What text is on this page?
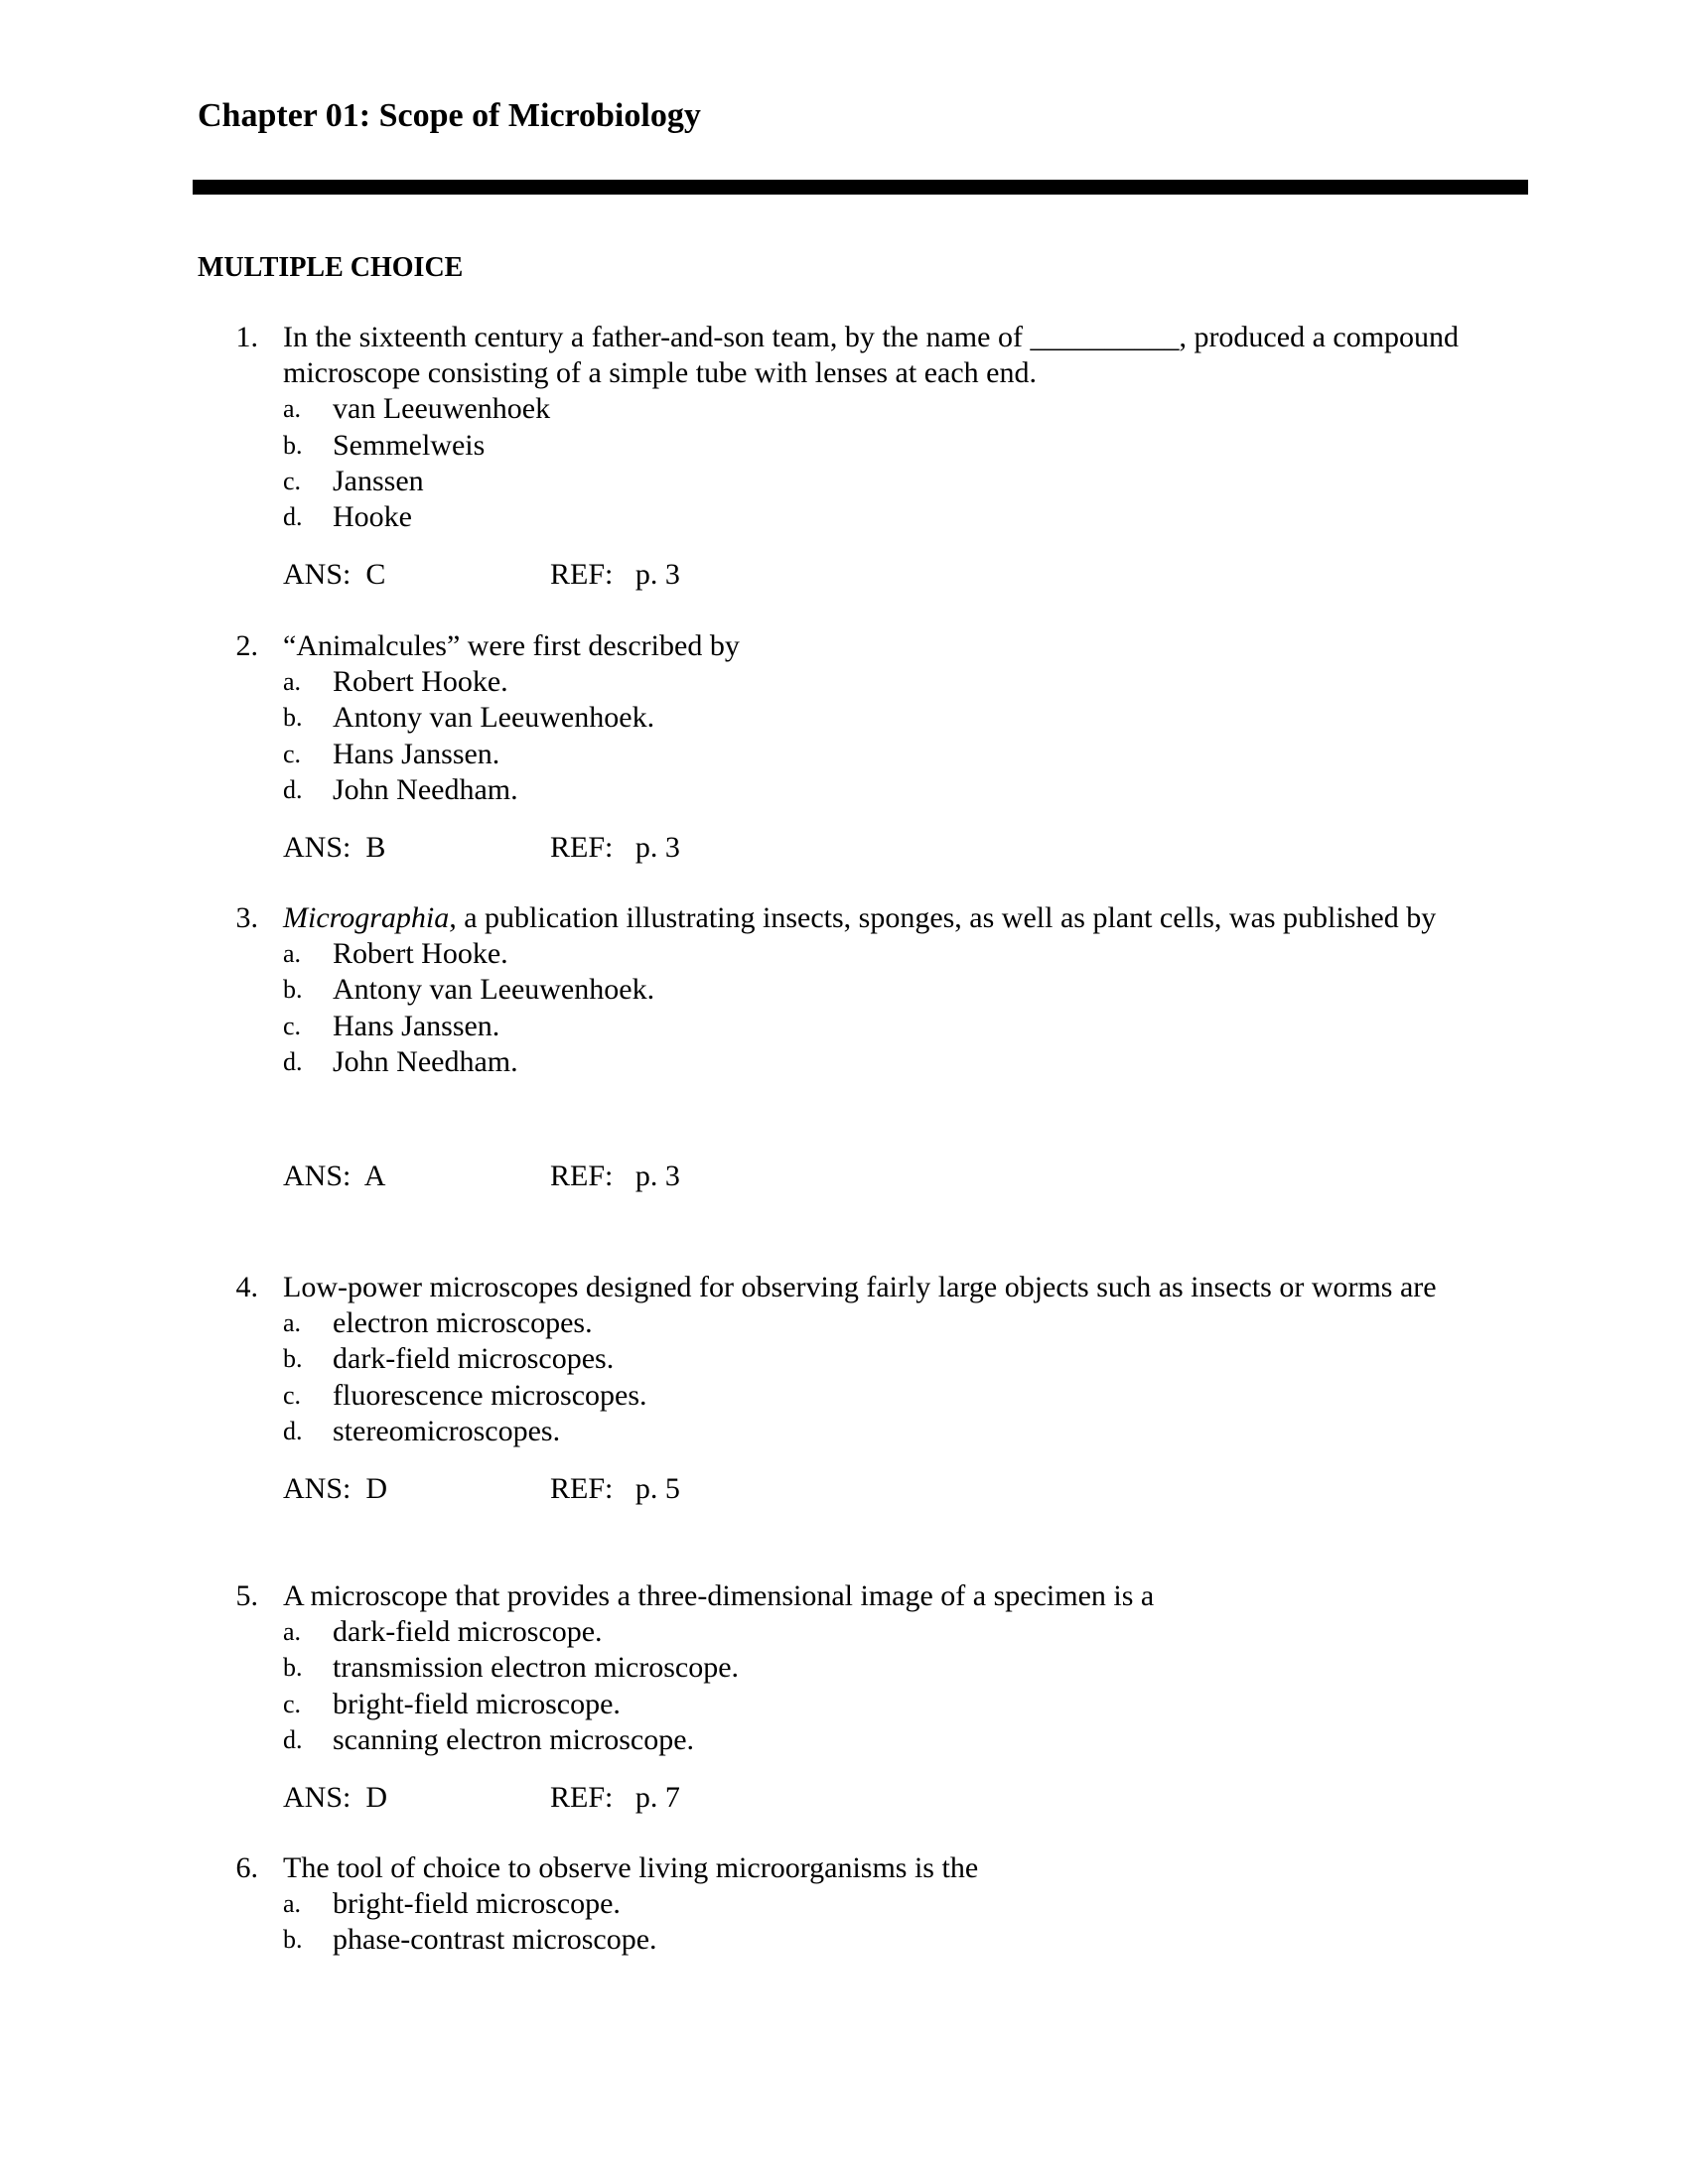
Chapter 01: Scope of Microbiology
MULTIPLE CHOICE
1. In the sixteenth century a father-and-son team, by the name of __________, produced a compound microscope consisting of a simple tube with lenses at each end.
a.	van Leeuwenhoek
b.	Semmelweis
c.	Janssen
d.	Hooke
ANS:  C	REF:   p. 3
2. “Animalcules” were first described by
a.	Robert Hooke.
b.	Antony van Leeuwenhoek.
c.	Hans Janssen.
d.	John Needham.
ANS:  B	REF:   p. 3
3. Micrographia, a publication illustrating insects, sponges, as well as plant cells, was published by
a.	Robert Hooke.
b.	Antony van Leeuwenhoek.
c.	Hans Janssen.
d.	John Needham.
ANS:  A	REF:   p. 3
4. Low-power microscopes designed for observing fairly large objects such as insects or worms are
a.	electron microscopes.
b.	dark-field microscopes.
c.	fluorescence microscopes.
d.	stereomicroscopes.
ANS:  D	REF:   p. 5
5. A microscope that provides a three-dimensional image of a specimen is a
a.	dark-field microscope.
b.	transmission electron microscope.
c.	bright-field microscope.
d.	scanning electron microscope.
ANS:  D	REF:   p. 7
6. The tool of choice to observe living microorganisms is the
a.	bright-field microscope.
b.	phase-contrast microscope.
